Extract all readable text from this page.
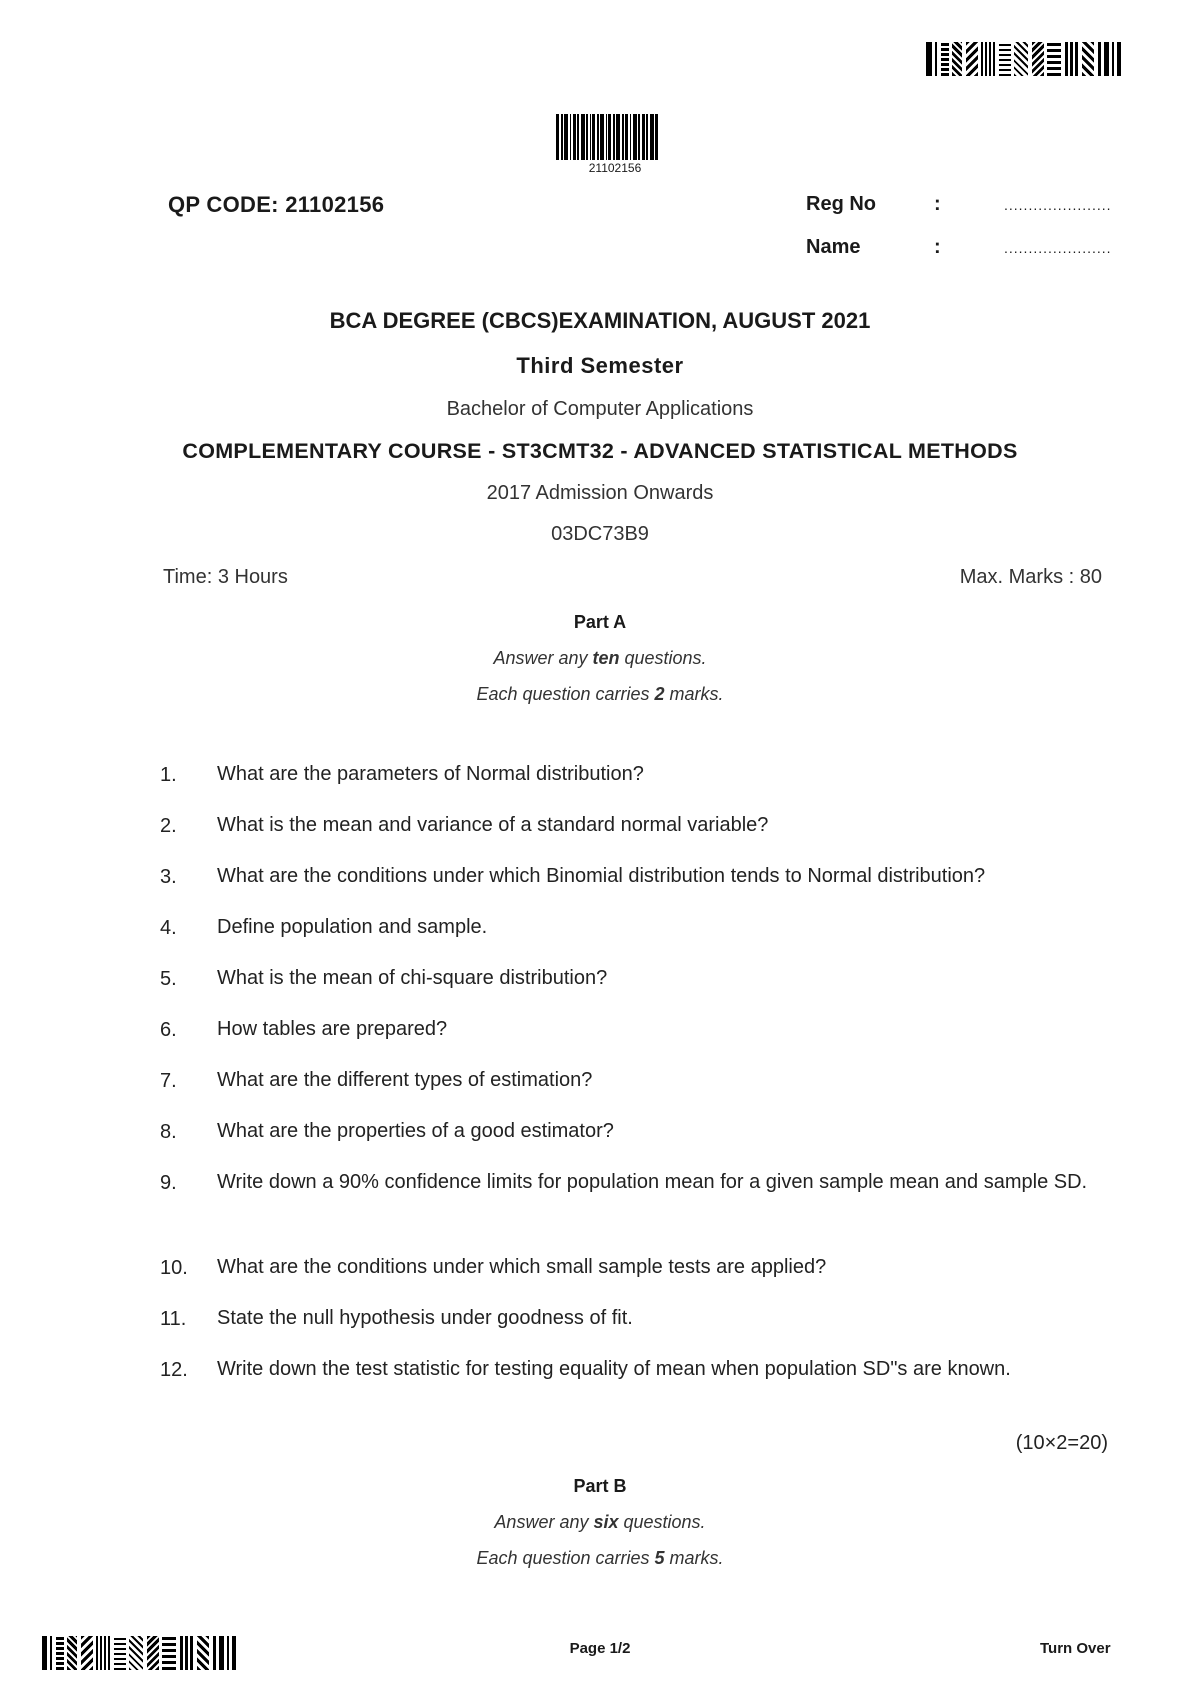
21102156
QP CODE: 21102156	Reg No	:	......................
Name	:	......................
BCA DEGREE (CBCS)EXAMINATION, AUGUST 2021
Third Semester
Bachelor of Computer Applications
COMPLEMENTARY COURSE - ST3CMT32 - ADVANCED STATISTICAL METHODS
2017 Admission Onwards
03DC73B9
Time: 3 Hours	Max. Marks : 80
Part A
Answer any ten questions.
Each question carries 2 marks.
1. What are the parameters of Normal distribution?
2. What is the mean and variance of a standard normal variable?
3. What are the conditions under which Binomial distribution tends to Normal distribution?
4. Define population and sample.
5. What is the mean of chi-square distribution?
6. How tables are prepared?
7. What are the different types of estimation?
8. What are the properties of a good estimator?
9. Write down a 90% confidence limits for population mean for a given sample mean and sample SD.
10. What are the conditions under which small sample tests are applied?
11. State the null hypothesis under goodness of fit.
12. Write down the test statistic for testing equality of mean when population SD"s are known.
(10×2=20)
Part B
Answer any six questions.
Each question carries 5 marks.
Page 1/2	Turn Over
